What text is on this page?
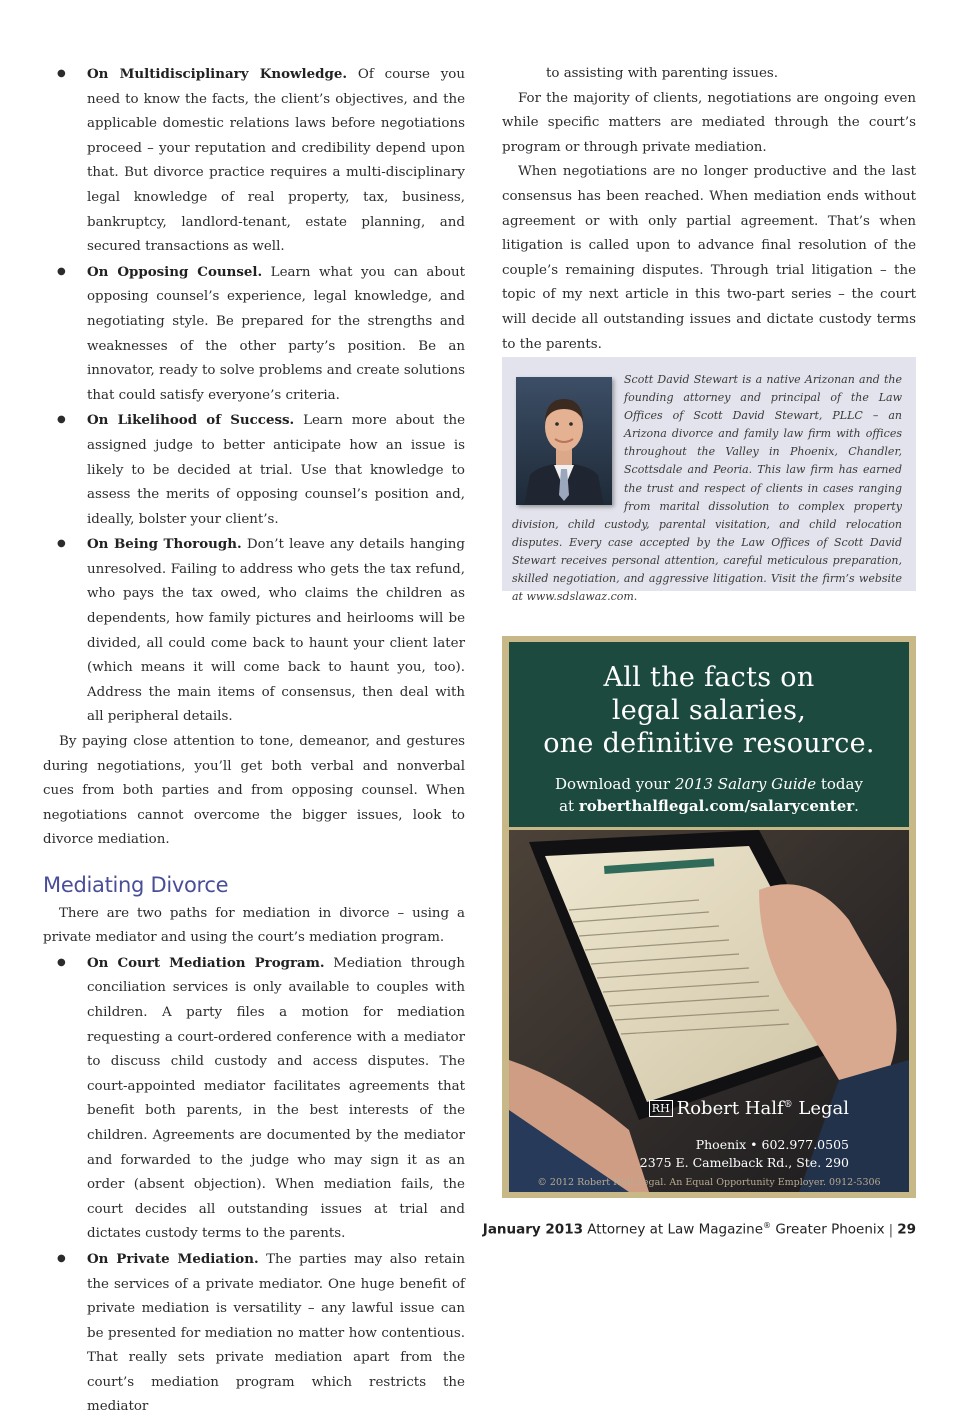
● On Multidisciplinary Knowledge. Of course you need to know the facts, the client’s objectives, and the applicable domestic relations laws before negotiations proceed – your reputation and credibility depend upon that. But divorce practice requires a multi-disciplinary legal knowledge of real property, tax, business, bankruptcy, landlord-tenant, estate planning, and secured transactions as well.
● On Opposing Counsel. Learn what you can about opposing counsel’s experience, legal knowledge, and negotiating style. Be prepared for the strengths and weaknesses of the other party’s position. Be an innovator, ready to solve problems and create solutions that could satisfy everyone’s criteria.
● On Likelihood of Success. Learn more about the assigned judge to better anticipate how an issue is likely to be decided at trial. Use that knowledge to assess the merits of opposing counsel’s position and, ideally, bolster your client’s.
● On Being Thorough. Don’t leave any details hanging unresolved. Failing to address who gets the tax refund, who pays the tax owed, who claims the children as dependents, how family pictures and heirlooms will be divided, all could come back to haunt your client later (which means it will come back to haunt you, too). Address the main items of consensus, then deal with all peripheral details.

By paying close attention to tone, demeanor, and gestures during negotiations, you’ll get both verbal and nonverbal cues from both parties and from opposing counsel. When negotiations cannot overcome the bigger issues, look to divorce mediation.

Mediating Divorce

There are two paths for mediation in divorce – using a private mediator and using the court’s mediation program.

● On Court Mediation Program. Mediation through conciliation services is only available to couples with children. A party files a motion for mediation requesting a court-ordered conference with a mediator to discuss child custody and access disputes. The court-appointed mediator facilitates agreements that benefit both parents, in the best interests of the children. Agreements are documented by the mediator and forwarded to the judge who may sign it as an order (absent objection). When mediation fails, the court decides all outstanding issues at trial and dictates custody terms to the parents.
● On Private Mediation. The parties may also retain the services of a private mediator. One huge benefit of private mediation is versatility – any lawful issue can be presented for mediation no matter how contentious. That really sets private mediation apart from the court’s mediation program which restricts the mediator
to assisting with parenting issues.

For the majority of clients, negotiations are ongoing even while specific matters are mediated through the court’s program or through private mediation.

When negotiations are no longer productive and the last consensus has been reached. When mediation ends without agreement or with only partial agreement. That’s when litigation is called upon to advance final resolution of the couple’s remaining disputes. Through trial litigation – the topic of my next article in this two-part series – the court will decide all outstanding issues and dictate custody terms to the parents.

Scott David Stewart is a native Arizonan and the founding attorney and principal of the Law Offices of Scott David Stewart, PLLC – an Arizona divorce and family law firm with offices throughout the Valley in Phoenix, Chandler, Scottsdale and Peoria. This law firm has earned the trust and respect of clients in cases ranging from marital dissolution to complex property division, child custody, parental visitation, and child relocation disputes. Every case accepted by the Law Offices of Scott David Stewart receives personal attention, careful meticulous preparation, skilled negotiation, and aggressive litigation. Visit the firm’s website at www.sdslawaz.com.
All the facts on
legal salaries,
one definitive resource.
Download your 2013 Salary Guide today
at roberthalflegal.com/salarycenter.
RH Robert Half® Legal
Phoenix • 602.977.0505
2375 E. Camelback Rd., Ste. 290
© 2012 Robert Half Legal. An Equal Opportunity Employer. 0912-5306
January 2013 Attorney at Law Magazine® Greater Phoenix | 29
